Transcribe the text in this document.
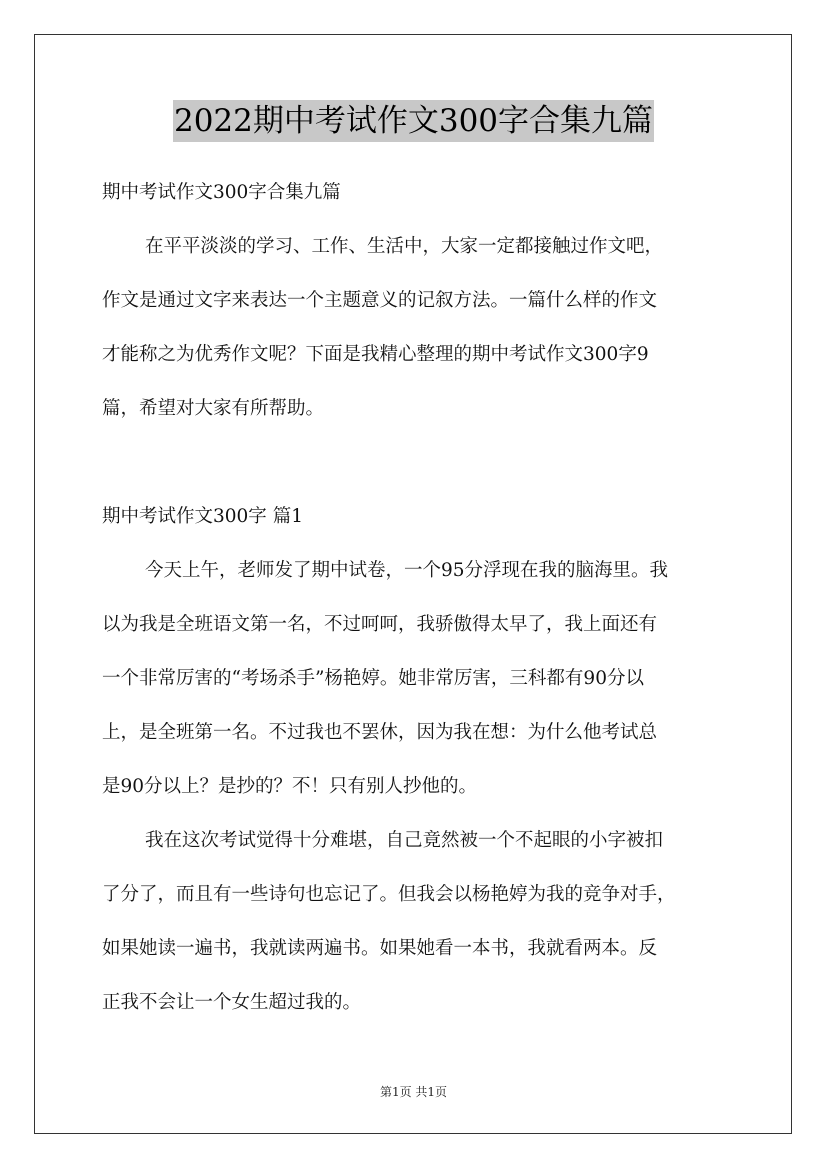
2022期中考试作文300字合集九篇
期中考试作文300字合集九篇
在平平淡淡的学习、工作、生活中，大家一定都接触过作文吧，
作文是通过文字来表达一个主题意义的记叙方法。一篇什么样的作文
才能称之为优秀作文呢？下面是我精心整理的期中考试作文300字9
篇，希望对大家有所帮助。
期中考试作文300字 篇1
今天上午，老师发了期中试卷，一个95分浮现在我的脑海里。我
以为我是全班语文第一名，不过呵呵，我骄傲得太早了，我上面还有
一个非常厉害的“考场杀手”杨艳婷。她非常厉害，三科都有90分以
上，是全班第一名。不过我也不罢休，因为我在想：为什么他考试总
是90分以上？是抄的？不！只有别人抄他的。
我在这次考试觉得十分难堪，自己竟然被一个不起眼的小字被扣
了分了，而且有一些诗句也忘记了。但我会以杨艳婷为我的竞争对手，
如果她读一遍书，我就读两遍书。如果她看一本书，我就看两本。反
正我不会让一个女生超过我的。
第1页 共1页
